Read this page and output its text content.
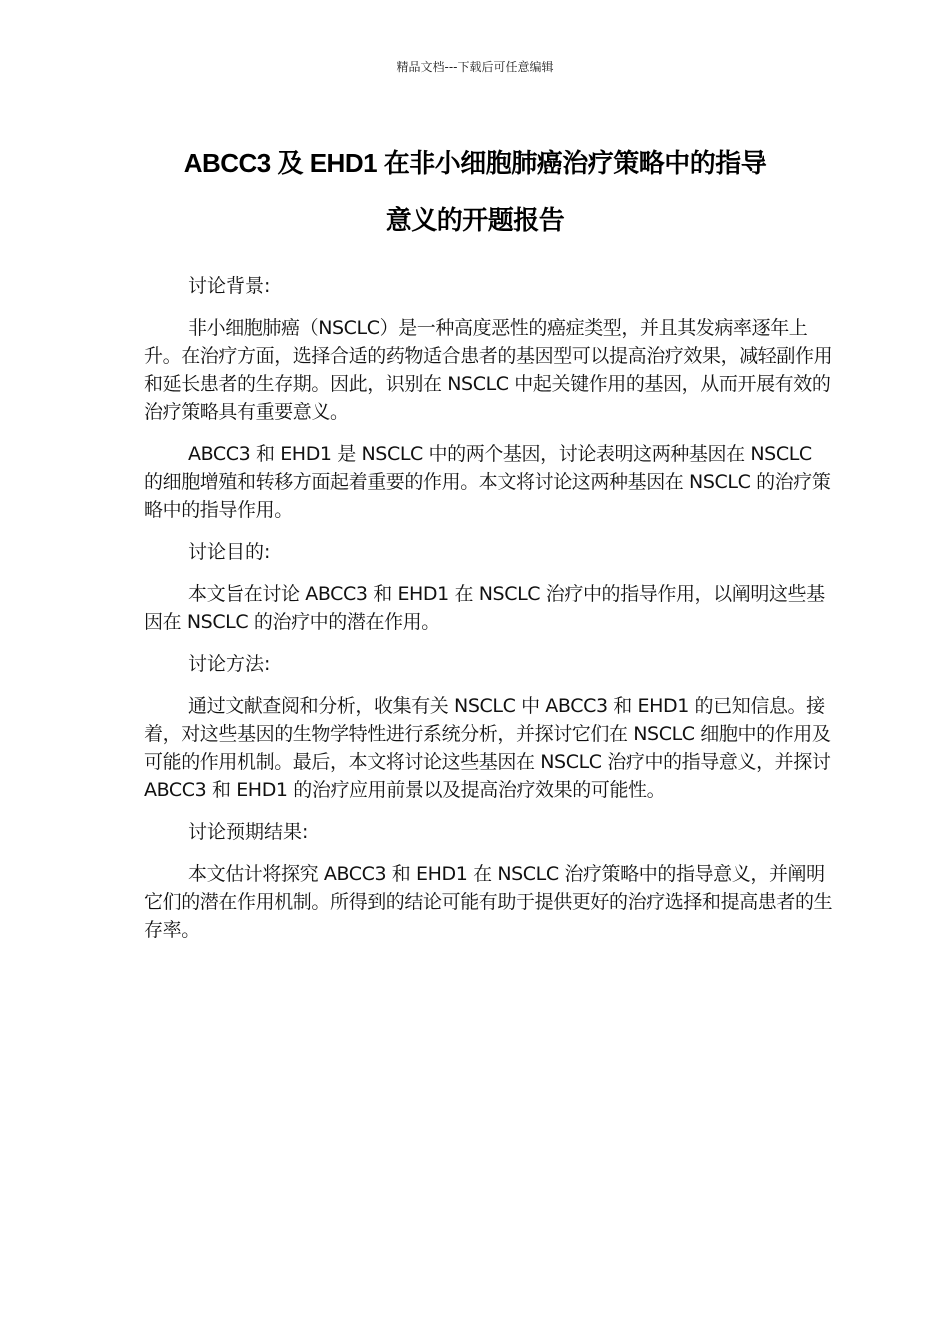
精品文档---下载后可任意编辑
ABCC3 及 EHD1 在非小细胞肺癌治疗策略中的指导
意义的开题报告

讨论背景:

非小细胞肺癌（NSCLC）是一种高度恶性的癌症类型，并且其发病率逐年上升。在治疗方面，选择合适的药物适合患者的基因型可以提高治疗效果，减轻副作用和延长患者的生存期。因此，识别在 NSCLC 中起关键作用的基因，从而开展有效的治疗策略具有重要意义。

ABCC3 和 EHD1 是 NSCLC 中的两个基因，讨论表明这两种基因在 NSCLC 的细胞增殖和转移方面起着重要的作用。本文将讨论这两种基因在 NSCLC 的治疗策略中的指导作用。

讨论目的:

本文旨在讨论 ABCC3 和 EHD1 在 NSCLC 治疗中的指导作用，以阐明这些基因在 NSCLC 的治疗中的潜在作用。

讨论方法:

通过文献查阅和分析，收集有关 NSCLC 中 ABCC3 和 EHD1 的已知信息。接着，对这些基因的生物学特性进行系统分析，并探讨它们在 NSCLC 细胞中的作用及可能的作用机制。最后，本文将讨论这些基因在 NSCLC 治疗中的指导意义，并探讨 ABCC3 和 EHD1 的治疗应用前景以及提高治疗效果的可能性。

讨论预期结果:

本文估计将探究 ABCC3 和 EHD1 在 NSCLC 治疗策略中的指导意义，并阐明它们的潜在作用机制。所得到的结论可能有助于提供更好的治疗选择和提高患者的生存率。
